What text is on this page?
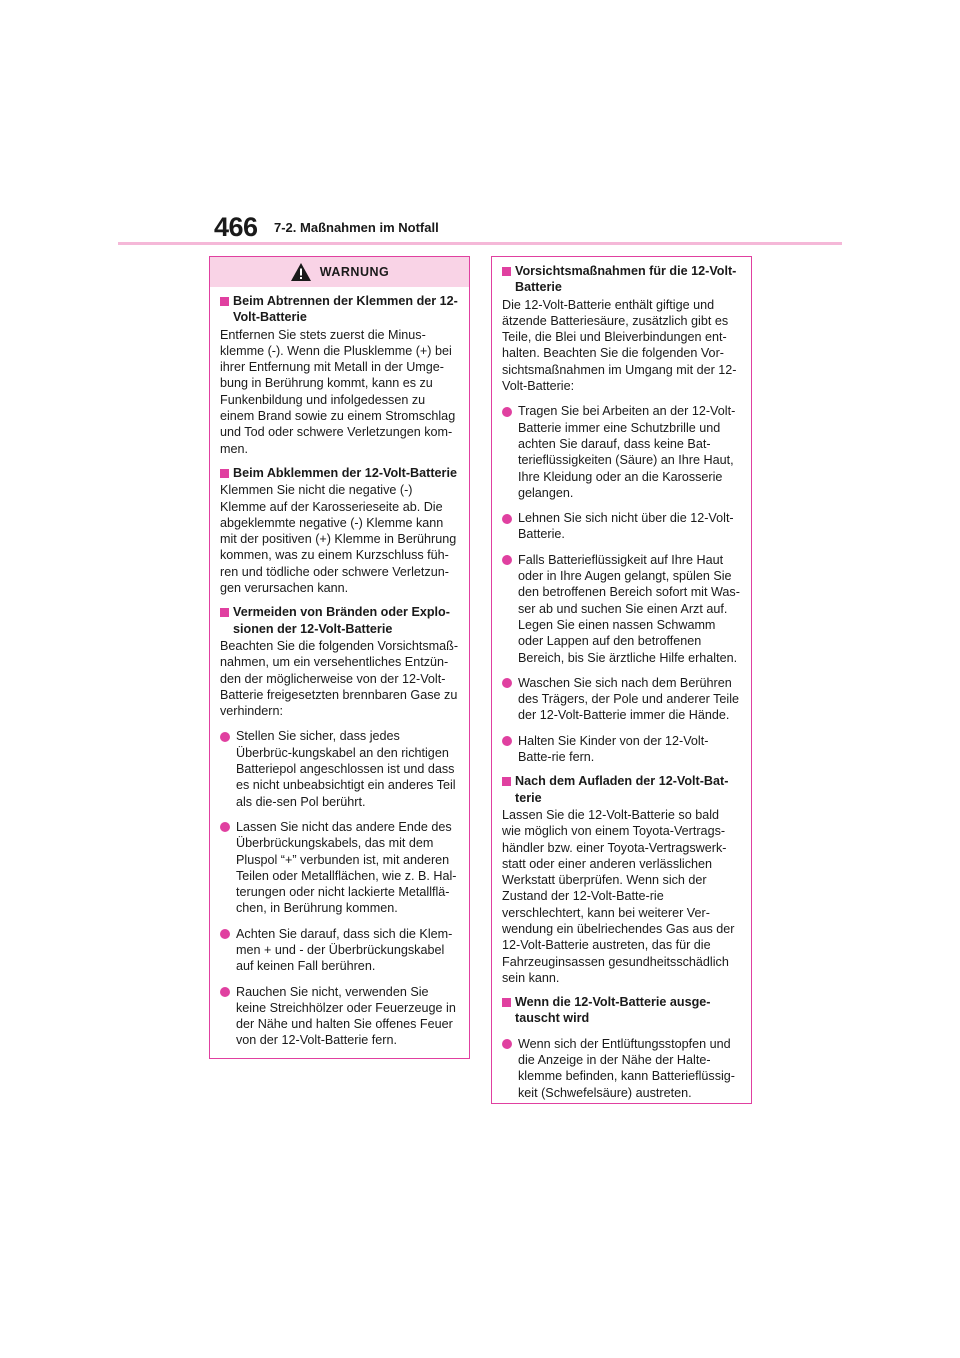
466 7-2. Maßnahmen im Notfall
WARNUNG
Beim Abtrennen der Klemmen der 12-Volt-Batterie
Entfernen Sie stets zuerst die Minus-klemme (-). Wenn die Plusklemme (+) bei ihrer Entfernung mit Metall in der Umge-bung in Berührung kommt, kann es zu Funkenbildung und infolgedessen zu einem Brand sowie zu einem Stromschlag und Tod oder schwere Verletzungen kom-men.
Beim Abklemmen der 12-Volt-Batterie
Klemmen Sie nicht die negative (-) Klemme auf der Karosserieseite ab. Die abgeklemmte negative (-) Klemme kann mit der positiven (+) Klemme in Berührung kommen, was zu einem Kurzschluss füh-ren und tödliche oder schwere Verletzun-gen verursachen kann.
Vermeiden von Bränden oder Explo-sionen der 12-Volt-Batterie
Beachten Sie die folgenden Vorsichtsmaß-nahmen, um ein versehentliches Entzün-den der möglicherweise von der 12-Volt-Batterie freigesetzten brennbaren Gase zu verhindern:
Stellen Sie sicher, dass jedes Überbrüc-kungskabel an den richtigen Batteriepol angeschlossen ist und dass es nicht unbeabsichtigt ein anderes Teil als die-sen Pol berührt.
Lassen Sie nicht das andere Ende des Überbrückungskabels, das mit dem Pluspol “+” verbunden ist, mit anderen Teilen oder Metallflächen, wie z. B. Hal-terungen oder nicht lackierte Metallflä-chen, in Berührung kommen.
Achten Sie darauf, dass sich die Klem-men + und - der Überbrückungskabel auf keinen Fall berühren.
Rauchen Sie nicht, verwenden Sie keine Streichhölzer oder Feuerzeuge in der Nähe und halten Sie offenes Feuer von der 12-Volt-Batterie fern.
Vorsichtsmaßnahmen für die 12-Volt-Batterie
Die 12-Volt-Batterie enthält giftige und ätzende Batteriesäure, zusätzlich gibt es Teile, die Blei und Bleiverbindungen ent-halten. Beachten Sie die folgenden Vor-sichtsmaßnahmen im Umgang mit der 12-Volt-Batterie:
Tragen Sie bei Arbeiten an der 12-Volt-Batterie immer eine Schutzbrille und achten Sie darauf, dass keine Bat-terieflüssigkeiten (Säure) an Ihre Haut, Ihre Kleidung oder an die Karosserie gelangen.
Lehnen Sie sich nicht über die 12-Volt-Batterie.
Falls Batterieflüssigkeit auf Ihre Haut oder in Ihre Augen gelangt, spülen Sie den betroffenen Bereich sofort mit Was-ser ab und suchen Sie einen Arzt auf. Legen Sie einen nassen Schwamm oder Lappen auf den betroffenen Bereich, bis Sie ärztliche Hilfe erhalten.
Waschen Sie sich nach dem Berühren des Trägers, der Pole und anderer Teile der 12-Volt-Batterie immer die Hände.
Halten Sie Kinder von der 12-Volt-Batte-rie fern.
Nach dem Aufladen der 12-Volt-Bat-terie
Lassen Sie die 12-Volt-Batterie so bald wie möglich von einem Toyota-Vertrags-händler bzw. einer Toyota-Vertragswerk-statt oder einer anderen verlässlichen Werkstatt überprüfen. Wenn sich der Zustand der 12-Volt-Batte-rie verschlechtert, kann bei weiterer Ver-wendung ein übelriechendes Gas aus der 12-Volt-Batterie austreten, das für die Fahrzeuginsassen gesundheitsschädlich sein kann.
Wenn die 12-Volt-Batterie ausge-tauscht wird
Wenn sich der Entlüftungsstopfen und die Anzeige in der Nähe der Halte-klemme befinden, kann Batterieflüssig-keit (Schwefelsäure) austreten.
